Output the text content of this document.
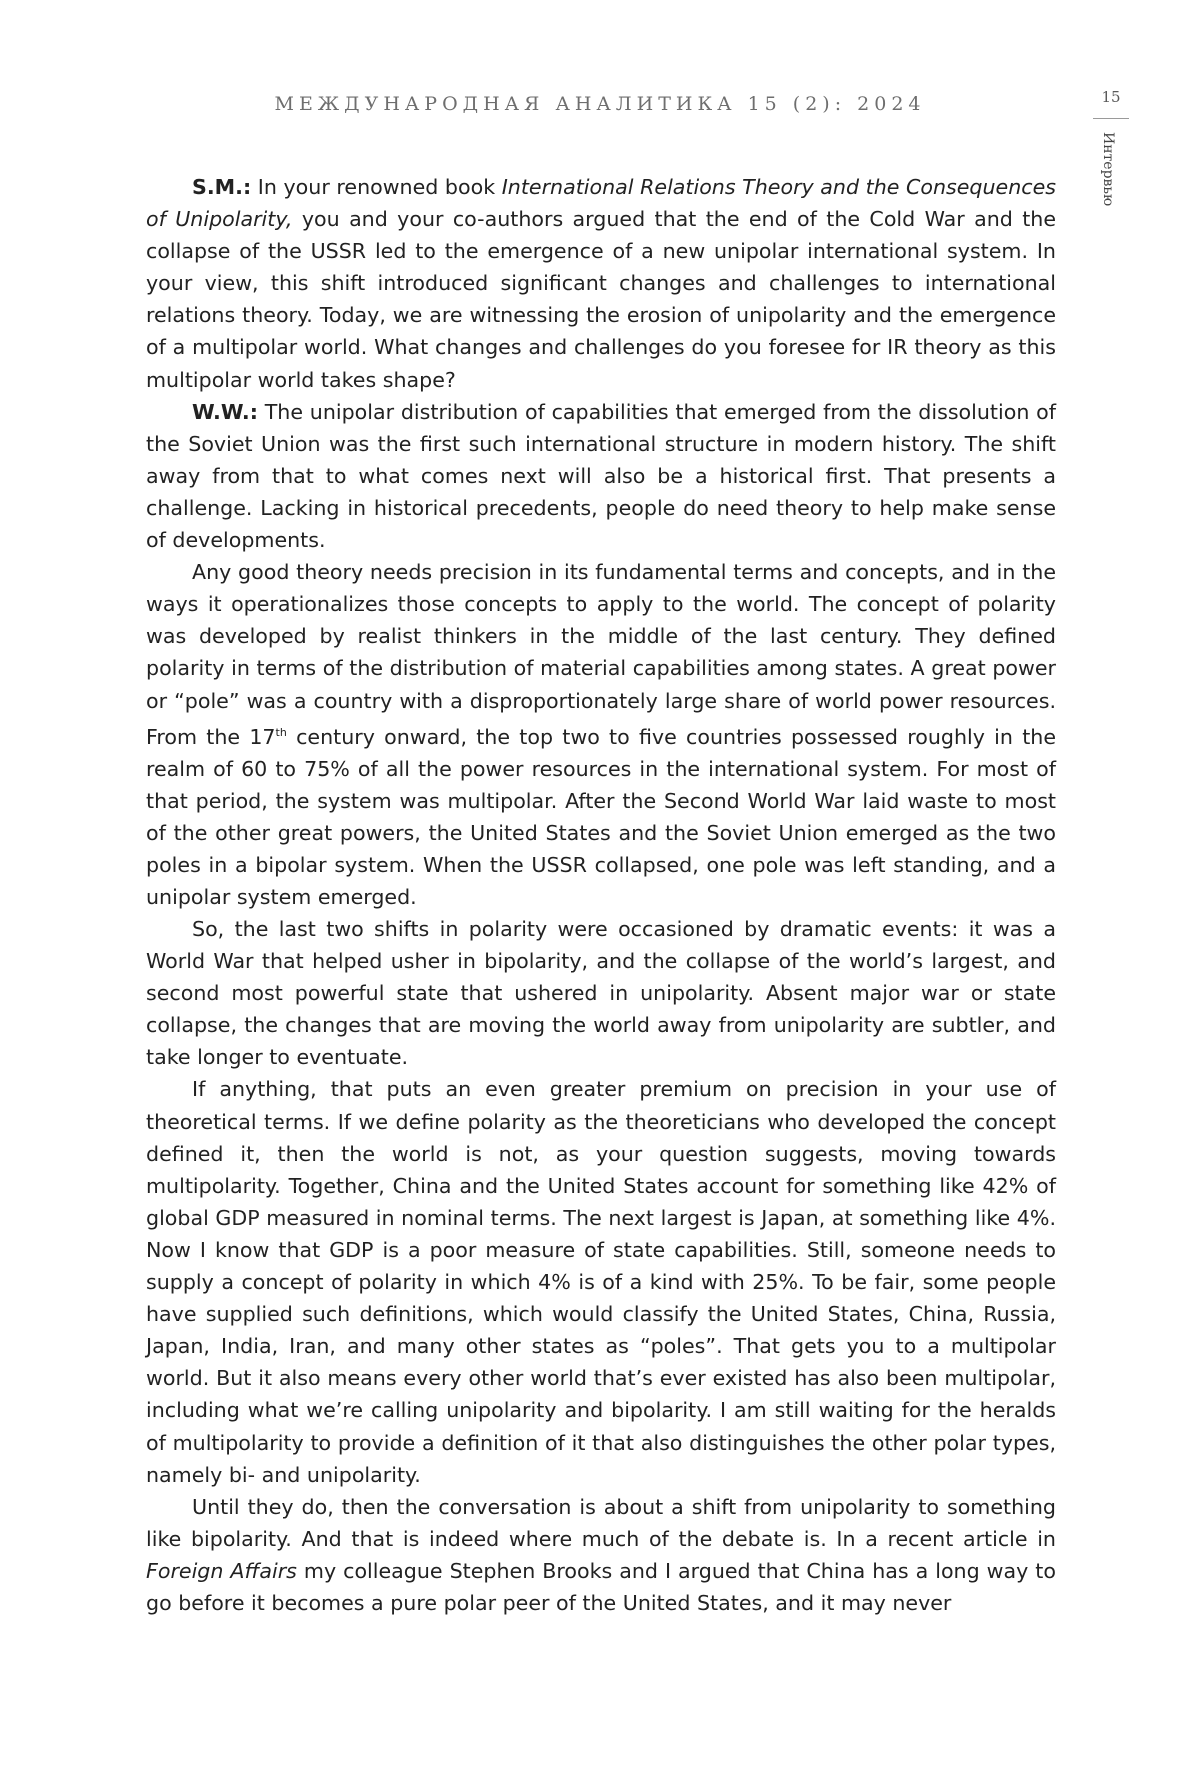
МЕЖДУНАРОДНАЯ АНАЛИТИКА 15 (2): 2024	15
Интервью

S.M.: In your renowned book International Relations Theory and the Consequences of Unipolarity, you and your co-authors argued that the end of the Cold War and the collapse of the USSR led to the emergence of a new unipolar international system. In your view, this shift introduced significant changes and challenges to international relations theory. Today, we are witnessing the erosion of unipolarity and the emergence of a multipolar world. What changes and challenges do you foresee for IR theory as this multipolar world takes shape?

W.W.: The unipolar distribution of capabilities that emerged from the dissolution of the Soviet Union was the first such international structure in modern history. The shift away from that to what comes next will also be a historical first. That presents a challenge. Lacking in historical precedents, people do need theory to help make sense of developments.

Any good theory needs precision in its fundamental terms and concepts, and in the ways it operationalizes those concepts to apply to the world. The concept of polarity was developed by realist thinkers in the middle of the last century. They defined polarity in terms of the distribution of material capabilities among states. A great power or “pole” was a country with a disproportionately large share of world power resources. From the 17th century onward, the top two to five countries possessed roughly in the realm of 60 to 75% of all the power resources in the international system. For most of that period, the system was multipolar. After the Second World War laid waste to most of the other great powers, the United States and the Soviet Union emerged as the two poles in a bipolar system. When the USSR collapsed, one pole was left standing, and a unipolar system emerged.

So, the last two shifts in polarity were occasioned by dramatic events: it was a World War that helped usher in bipolarity, and the collapse of the world’s largest, and second most powerful state that ushered in unipolarity. Absent major war or state collapse, the changes that are moving the world away from unipolarity are subtler, and take longer to eventuate.

If anything, that puts an even greater premium on precision in your use of theoretical terms. If we define polarity as the theoreticians who developed the concept defined it, then the world is not, as your question suggests, moving towards multipolarity. Together, China and the United States account for something like 42% of global GDP measured in nominal terms. The next largest is Japan, at something like 4%. Now I know that GDP is a poor measure of state capabilities. Still, someone needs to supply a concept of polarity in which 4% is of a kind with 25%. To be fair, some people have supplied such definitions, which would classify the United States, China, Russia, Japan, India, Iran, and many other states as “poles”. That gets you to a multipolar world. But it also means every other world that’s ever existed has also been multipolar, including what we’re calling unipolarity and bipolarity. I am still waiting for the heralds of multipolarity to provide a definition of it that also distinguishes the other polar types, namely bi- and unipolarity.

Until they do, then the conversation is about a shift from unipolarity to something like bipolarity. And that is indeed where much of the debate is. In a recent article in Foreign Affairs my colleague Stephen Brooks and I argued that China has a long way to go before it becomes a pure polar peer of the United States, and it may never
